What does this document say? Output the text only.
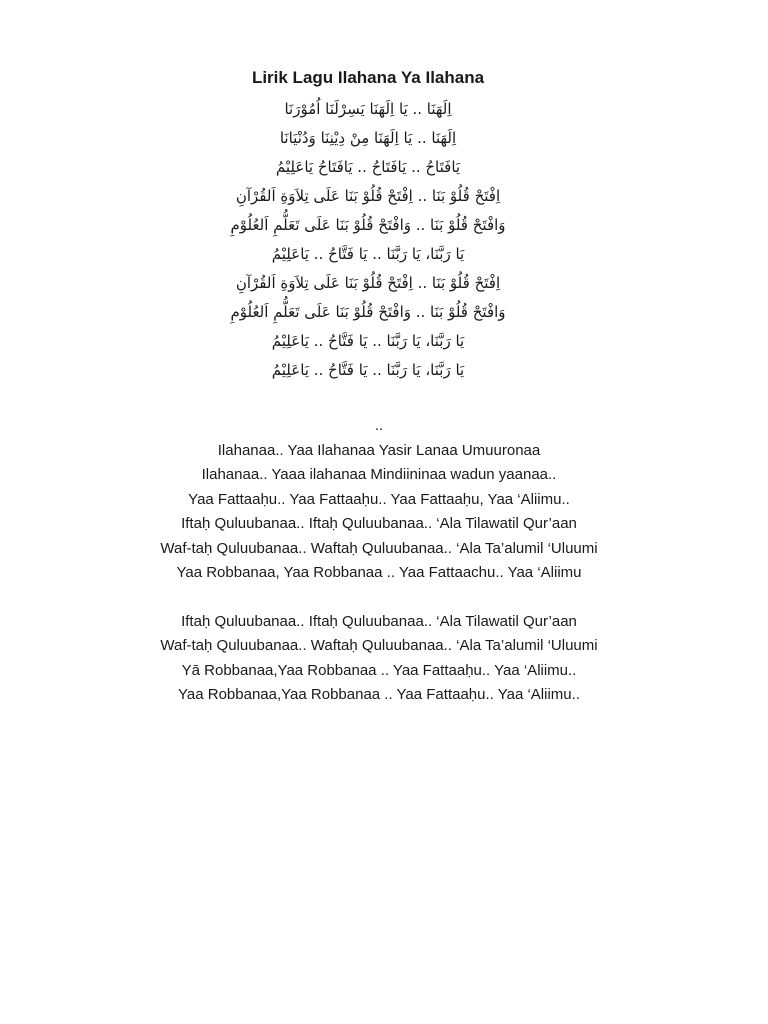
Lirik Lagu Ilahana Ya Ilahana
اِلَهَنَا .. يَا اِلَهَنَا يَسِرْلَنَا اُمُوْرَنَا
اِلَهَنَا .. يَا اِلَهَنَا مِنْ دِيْنِنَا وَدُنْيَانَا
يَافَتَاحُ .. يَافَتَاحُ .. يَافَتَاحُ يَاعَلِيْمُ
اِفْتَحْ قُلُوْ بَنَا .. اِفْتَحْ قُلُوْ بَنَا عَلَى تِلاَوَةِ اَلقُرْآنِ
وَافْتَحْ قُلُوْ بَنَا .. وَافْتَحْ قُلُوْ بَنَا عَلَى تَعَلُّمِ اَلعُلُوْمِ
يَا رَبَّنَا، يَا رَبَّنَا .. يَا فَتَّاحُ .. يَاعَلِيْمُ
اِفْتَحْ قُلُوْ بَنَا .. اِفْتَحْ قُلُوْ بَنَا عَلَى تِلاَوَةِ اَلقُرْآنِ
وَافْتَحْ قُلُوْ بَنَا .. وَافْتَحْ قُلُوْ بَنَا عَلَى تَعَلُّمِ اَلعُلُوْمِ
يَا رَبَّنَا، يَا رَبَّنَا .. يَا فَتَّاحُ .. يَاعَلِيْمُ
يَا رَبَّنَا، يَا رَبَّنَا .. يَا فَتَّاحُ .. يَاعَلِيْمُ
..
Ilahanaa.. Yaa Ilahanaa Yasir Lanaa Umuuronaa
Ilahanaa.. Yaaa ilahanaa Mindiininaa wadun yaanaa..
Yaa Fattaaḥu.. Yaa Fattaaḥu.. Yaa Fattaaḥu, Yaa ‘Aliimu..
Iftaḥ Quluubanaa.. Iftaḥ Quluubanaa.. ‘Ala Tilawatil Qur’aan
Waf-taḥ Quluubanaa.. Waftaḥ Quluubanaa.. ‘Ala Ta’alumil ‘Uluumi
Yaa Robbanaa, Yaa Robbanaa .. Yaa Fattaachu.. Yaa ‘Aliimu
Iftaḥ Quluubanaa.. Iftaḥ Quluubanaa.. ‘Ala Tilawatil Qur’aan
Waf-taḥ Quluubanaa.. Waftaḥ Quluubanaa.. ‘Ala Ta’alumil ‘Uluumi
Yā Robbanaa,Yaa Robbanaa .. Yaa Fattaaḥu.. Yaa ‘Aliimu..
Yaa Robbanaa,Yaa Robbanaa .. Yaa Fattaaḥu.. Yaa ‘Aliimu..
